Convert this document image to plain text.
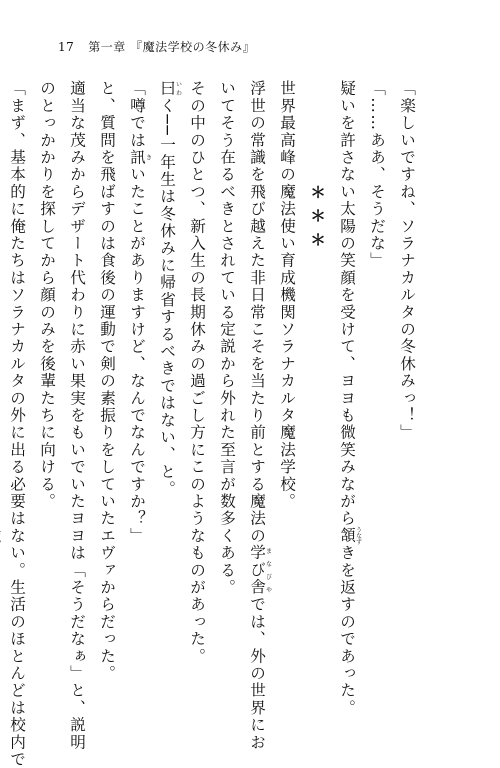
17 第一章 『魔法学校の冬休み』
「楽しいですね、ソラナカルタの冬休みっ！」
「……ああ、そうだな」
疑いを許さない太陽の笑顔を受けて、ヨヨも微笑みながら頷うなずきを返すのであった。
＊＊＊
世界最高峰の魔法使い育成機関ソラナカルタ魔法学校。
浮世の常識を飛び越えた非日常こそを当たり前とする魔法の学び舎まなびやでは、外の世界にお
いてそう在るべきとされている定説から外れた至言が数多くある。
その中のひとつ、新入生の長期休みの過ごし方にこのようなものがあった。
曰いわく──一年生は冬休みに帰省するべきではない、と。
「噂では訊きいたことがありますけど、なんでなんですか？」
と、質問を飛ばすのは食後の運動で剣の素振りをしていたエヴァからだった。
適当な茂みからデザート代わりに赤い果実をもいでいたヨヨは「そうだなぁ」と、説明
のとっかかりを探してから顔のみを後輩たちに向ける。
「まず、基本的に俺たちはソラナカルタの外に出る必要はない。生活のほとんどは校内で
